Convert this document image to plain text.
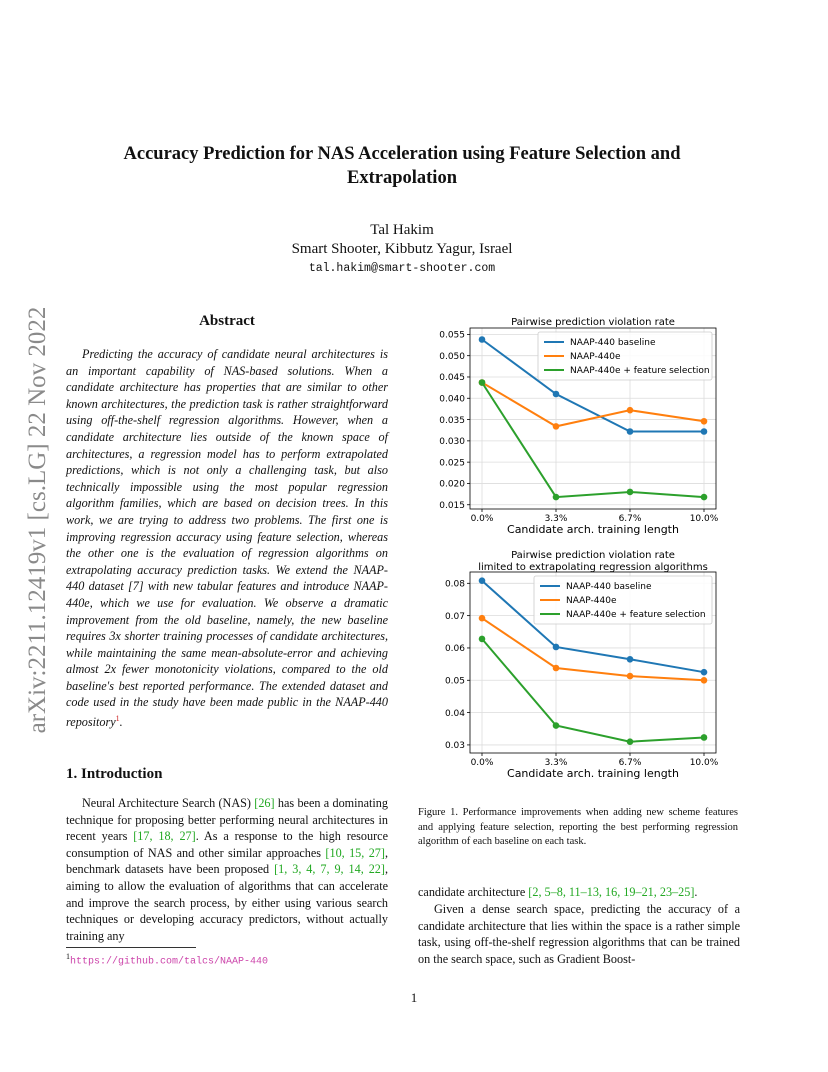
arXiv:2211.12419v1 [cs.LG] 22 Nov 2022
Accuracy Prediction for NAS Acceleration using Feature Selection and
Extrapolation
Tal Hakim
Smart Shooter, Kibbutz Yagur, Israel
tal.hakim@smart-shooter.com
Abstract
Predicting the accuracy of candidate neural architectures is an important capability of NAS-based solutions. When a candidate architecture has properties that are similar to other known architectures, the prediction task is rather straightforward using off-the-shelf regression algorithms. However, when a candidate architecture lies outside of the known space of architectures, a regression model has to perform extrapolated predictions, which is not only a challenging task, but also technically impossible using the most popular regression algorithm families, which are based on decision trees. In this work, we are trying to address two problems. The first one is improving regression accuracy using feature selection, whereas the other one is the evaluation of regression algorithms on extrapolating accuracy prediction tasks. We extend the NAAP-440 dataset [7] with new tabular features and introduce NAAP-440e, which we use for evaluation. We observe a dramatic improvement from the old baseline, namely, the new baseline requires 3x shorter training processes of candidate architectures, while maintaining the same mean-absolute-error and achieving almost 2x fewer monotonicity violations, compared to the old baseline's best reported performance. The extended dataset and code used in the study have been made public in the NAAP-440 repository$^1$.
1. Introduction
Neural Architecture Search (NAS) [26] has been a dominating technique for proposing better performing neural architectures in recent years [17, 18, 27]. As a response to the high resource consumption of NAS and other similar approaches [10, 15, 27], benchmark datasets have been proposed [1, 3, 4, 7, 9, 14, 22], aiming to allow the evaluation of algorithms that can accelerate and improve the search process, by either using various search techniques or developing accuracy predictors, without actually training any
$^1$https://github.com/talcs/NAAP-440
Pairwise prediction violation rate
0.015
0.020
0.025
0.030
0.035
0.040
0.045
0.050
0.055
0.0%	3.3%	6.7%	10.0%
Candidate arch. training length
NAAP-440 baseline
NAAP-440e
NAAP-440e + feature selection
Pairwise prediction violation rate
limited to extrapolating regression algorithms
0.03
0.04
0.05
0.06
0.07
0.08
0.0%	3.3%	6.7%	10.0%
Candidate arch. training length
NAAP-440 baseline
NAAP-440e
NAAP-440e + feature selection
Figure 1. Performance improvements when adding new scheme features and applying feature selection, reporting the best performing regression algorithm of each baseline on each task.
candidate architecture [2, 5–8, 11–13, 16, 19–21, 23–25].
Given a dense search space, predicting the accuracy of a candidate architecture that lies within the space is a rather simple task, using off-the-shelf regression algorithms that can be trained on the search space, such as Gradient Boost-
1
